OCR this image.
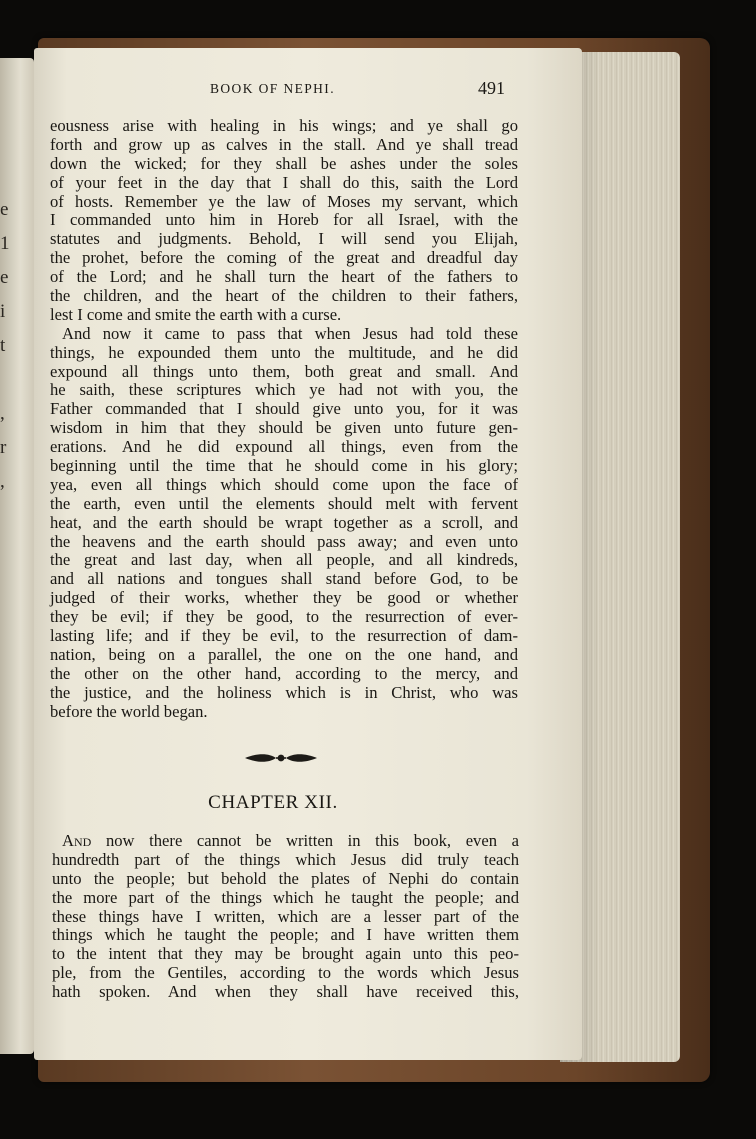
e
1
e
i
t
,
r
,
BOOK OF NEPHI.	491
eousness arise with healing in his wings; and ye shall go
forth and grow up as calves in the stall. And ye shall tread
down the wicked; for they shall be ashes under the soles
of your feet in the day that I shall do this, saith the Lord
of hosts. Remember ye the law of Moses my servant, which
I commanded unto him in Horeb for all Israel, with the
statutes and judgments. Behold, I will send you Elijah,
the prohet, before the coming of the great and dreadful day
of the Lord; and he shall turn the heart of the fathers to
the children, and the heart of the children to their fathers,
lest I come and smite the earth with a curse.
And now it came to pass that when Jesus had told these
things, he expounded them unto the multitude, and he did
expound all things unto them, both great and small. And
he saith, these scriptures which ye had not with you, the
Father commanded that I should give unto you, for it was
wisdom in him that they should be given unto future gen-
erations. And he did expound all things, even from the
beginning until the time that he should come in his glory;
yea, even all things which should come upon the face of
the earth, even until the elements should melt with fervent
heat, and the earth should be wrapt together as a scroll, and
the heavens and the earth should pass away; and even unto
the great and last day, when all people, and all kindreds,
and all nations and tongues shall stand before God, to be
judged of their works, whether they be good or whether
they be evil; if they be good, to the resurrection of ever-
lasting life; and if they be evil, to the resurrection of dam-
nation, being on a parallel, the one on the one hand, and
the other on the other hand, according to the mercy, and
the justice, and the holiness which is in Christ, who was
before the world began.
CHAPTER XII.
And now there cannot be written in this book, even a
hundredth part of the things which Jesus did truly teach
unto the people; but behold the plates of Nephi do contain
the more part of the things which he taught the people; and
these things have I written, which are a lesser part of the
things which he taught the people; and I have written them
to the intent that they may be brought again unto this peo-
ple, from the Gentiles, according to the words which Jesus
hath spoken. And when they shall have received this,
